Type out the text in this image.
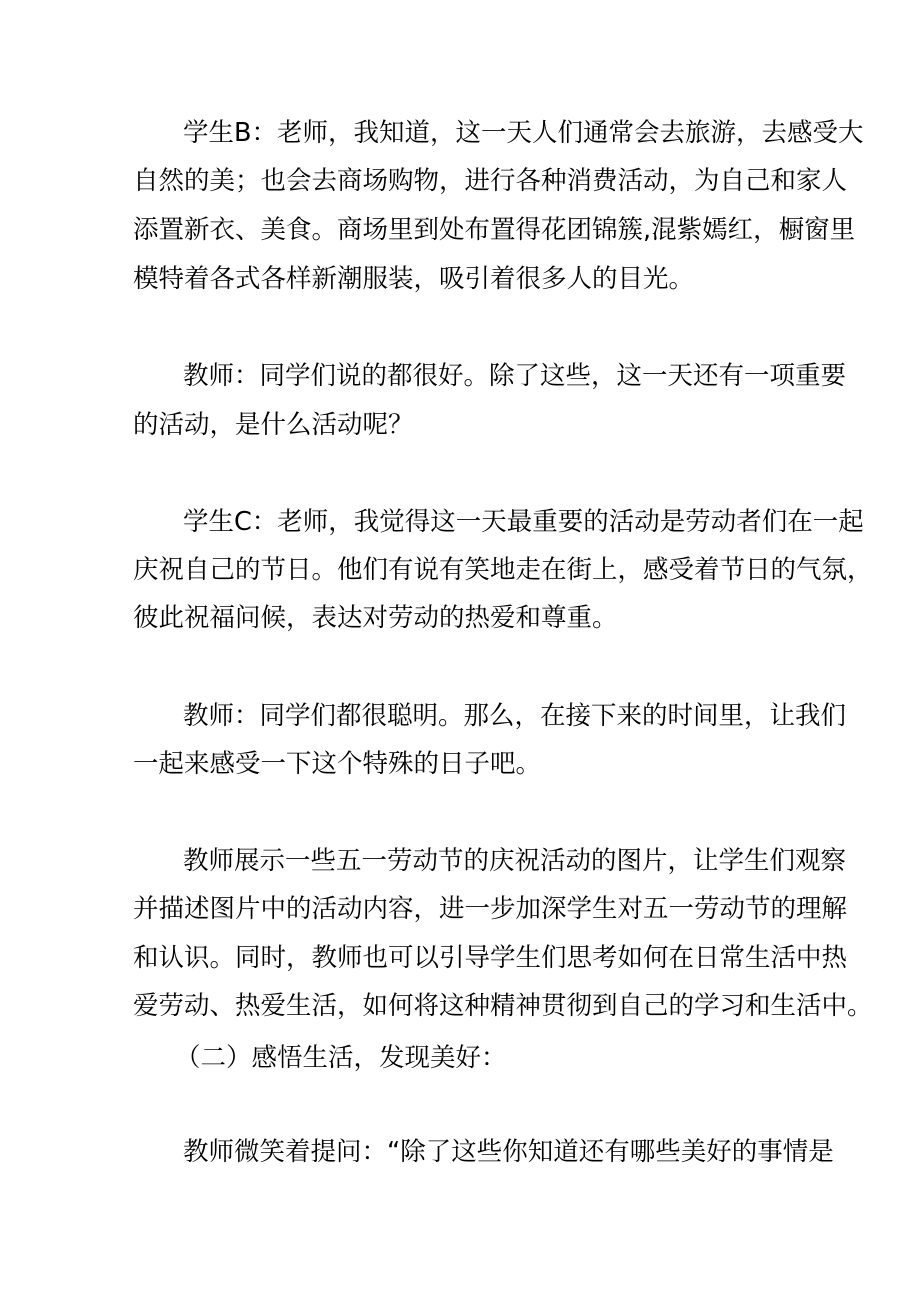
学生B：老师，我知道，这一天人们通常会去旅游，去感受大
自然的美；也会去商场购物，进行各种消费活动，为自己和家人
添置新衣、美食。商场里到处布置得花团锦簇,混紫嫣红，橱窗里
模特着各式各样新潮服装，吸引着很多人的目光。
教师：同学们说的都很好。除了这些，这一天还有一项重要
的活动，是什么活动呢？
学生C：老师，我觉得这一天最重要的活动是劳动者们在一起
庆祝自己的节日。他们有说有笑地走在街上，感受着节日的气氛，
彼此祝福问候，表达对劳动的热爱和尊重。
教师：同学们都很聪明。那么，在接下来的时间里，让我们
一起来感受一下这个特殊的日子吧。
教师展示一些五一劳动节的庆祝活动的图片，让学生们观察
并描述图片中的活动内容，进一步加深学生对五一劳动节的理解
和认识。同时，教师也可以引导学生们思考如何在日常生活中热
爱劳动、热爱生活，如何将这种精神贯彻到自己的学习和生活中。
（二）感悟生活，发现美好：
教师微笑着提问：“除了这些你知道还有哪些美好的事情是
